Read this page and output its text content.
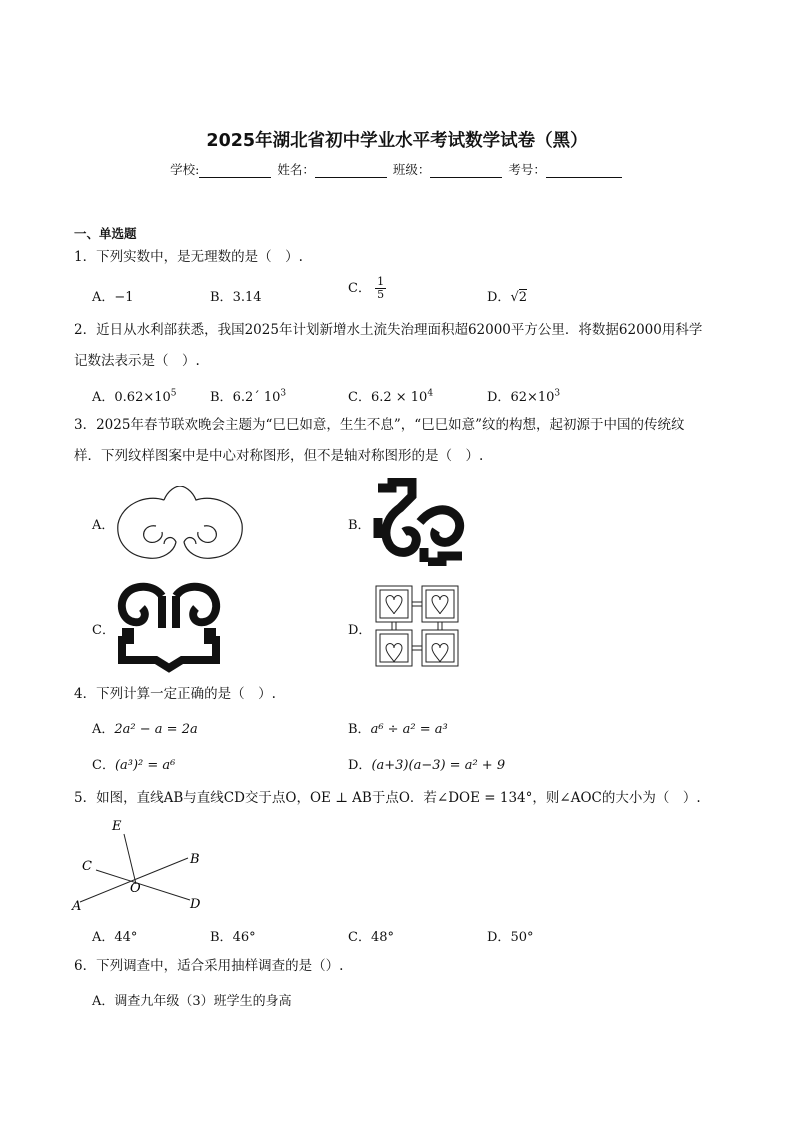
2025年湖北省初中学业水平考试数学试卷（黑）
学校:	姓名：	班级：	考号：
一、单选题
1．下列实数中，是无理数的是（　）.
A．−1	B．3.14
C． $\frac{1}{5}$	D．√2
2．近日从水利部获悉，我国2025年计划新增水土流失治理面积超62000平方公里．将数据62000用科学
记数法表示是（　）.
A．$0.62\times 10^5$	B．6.2´ $10^3$	C．$6.2 \times 10^4$	D．$62\times 10^3$
3．2025年春节联欢晚会主题为“巳巳如意，生生不息”，“巳巳如意”纹的构想，起初源于中国的传统纹
样．下列纹样图案中是中心对称图形，但不是轴对称图形的是（　）.
A．	B．
C．	D．
4．下列计算一定正确的是（　）.
A．2a² − a = 2a	B．a⁶ ÷ a² = a³
C．(a³)² = a⁶	D．(a+3)(a−3) = a² + 9
5．如图，直线AB与直线CD交于点O，OE ⊥ AB于点O．若∠DOE = 134°，则∠AOC的大小为（　）.
E
C	B
O
A	D
A．44°	B．46°	C．48°	D．50°
6．下列调查中，适合采用抽样调查的是（）.
A．调查九年级（3）班学生的身高
